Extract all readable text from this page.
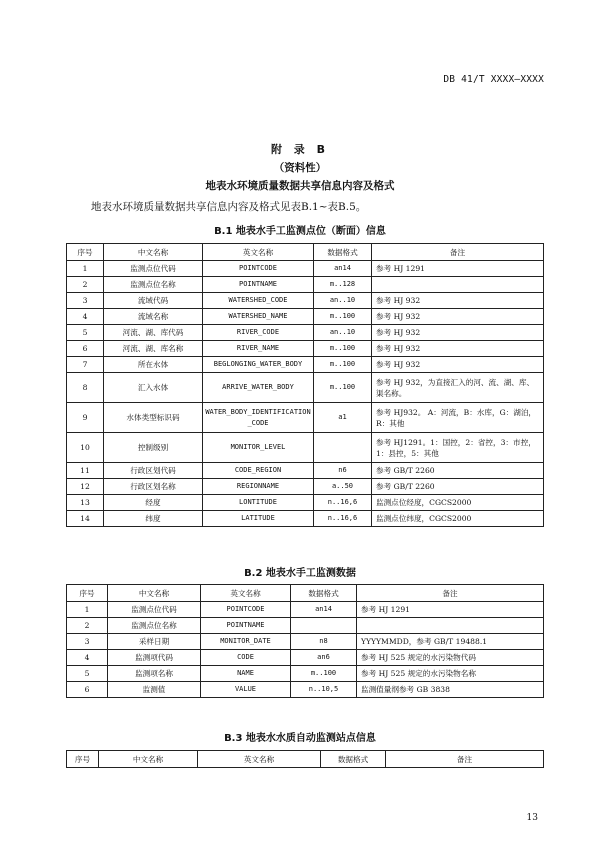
DB 41/T XXXX—XXXX
附 录 B
（资料性）
地表水环境质量数据共享信息内容及格式
地表水环境质量数据共享信息内容及格式见表B.1~表B.5。
B.1 地表水手工监测点位（断面）信息
序号	中文名称	英文名称	数据格式	备注
1	监测点位代码	POINTCODE	an14	参考 HJ 1291
2	监测点位名称	POINTNAME	m..128	
3	流域代码	WATERSHED_CODE	an..10	参考 HJ 932
4	流域名称	WATERSHED_NAME	m..100	参考 HJ 932
5	河流、湖、库代码	RIVER_CODE	an..10	参考 HJ 932
6	河流、湖、库名称	RIVER_NAME	m..100	参考 HJ 932
7	所在水体	BEGLONGING_WATER_BODY	m..100	参考 HJ 932
8	汇入水体	ARRIVE_WATER_BODY	m..100	参考 HJ 932，为直接汇入的河、流、湖、库、渠名称。
9	水体类型标识码	WATER_BODY_IDENTIFICATION_CODE	a1	参考 HJ932。 A：河流，B：水库，G：湖泊，R：其他
10	控制级别	MONITOR_LEVEL		参考 HJ1291。1：国控，2：省控，3：市控，1：县控，5：其他
11	行政区划代码	CODE_REGION	n6	参考 GB/T 2260
12	行政区划名称	REGIONNAME	a..50	参考 GB/T 2260
13	经度	LONTITUDE	n..16,6	监测点位经度，CGCS2000
14	纬度	LATITUDE	n..16,6	监测点位纬度，CGCS2000
B.2 地表水手工监测数据
序号	中文名称	英文名称	数据格式	备注
1	监测点位代码	POINTCODE	an14	参考 HJ 1291
2	监测点位名称	POINTNAME		
3	采样日期	MONITOR_DATE	n8	YYYYMMDD，参考 GB/T 19488.1
4	监测项代码	CODE	an6	参考 HJ 525 规定的水污染物代码
5	监测项名称	NAME	m..100	参考 HJ 525 规定的水污染物名称
6	监测值	VALUE	n..10,5	监测值量纲参考 GB 3838
B.3 地表水水质自动监测站点信息
序号	中文名称	英文名称	数据格式	备注
13
